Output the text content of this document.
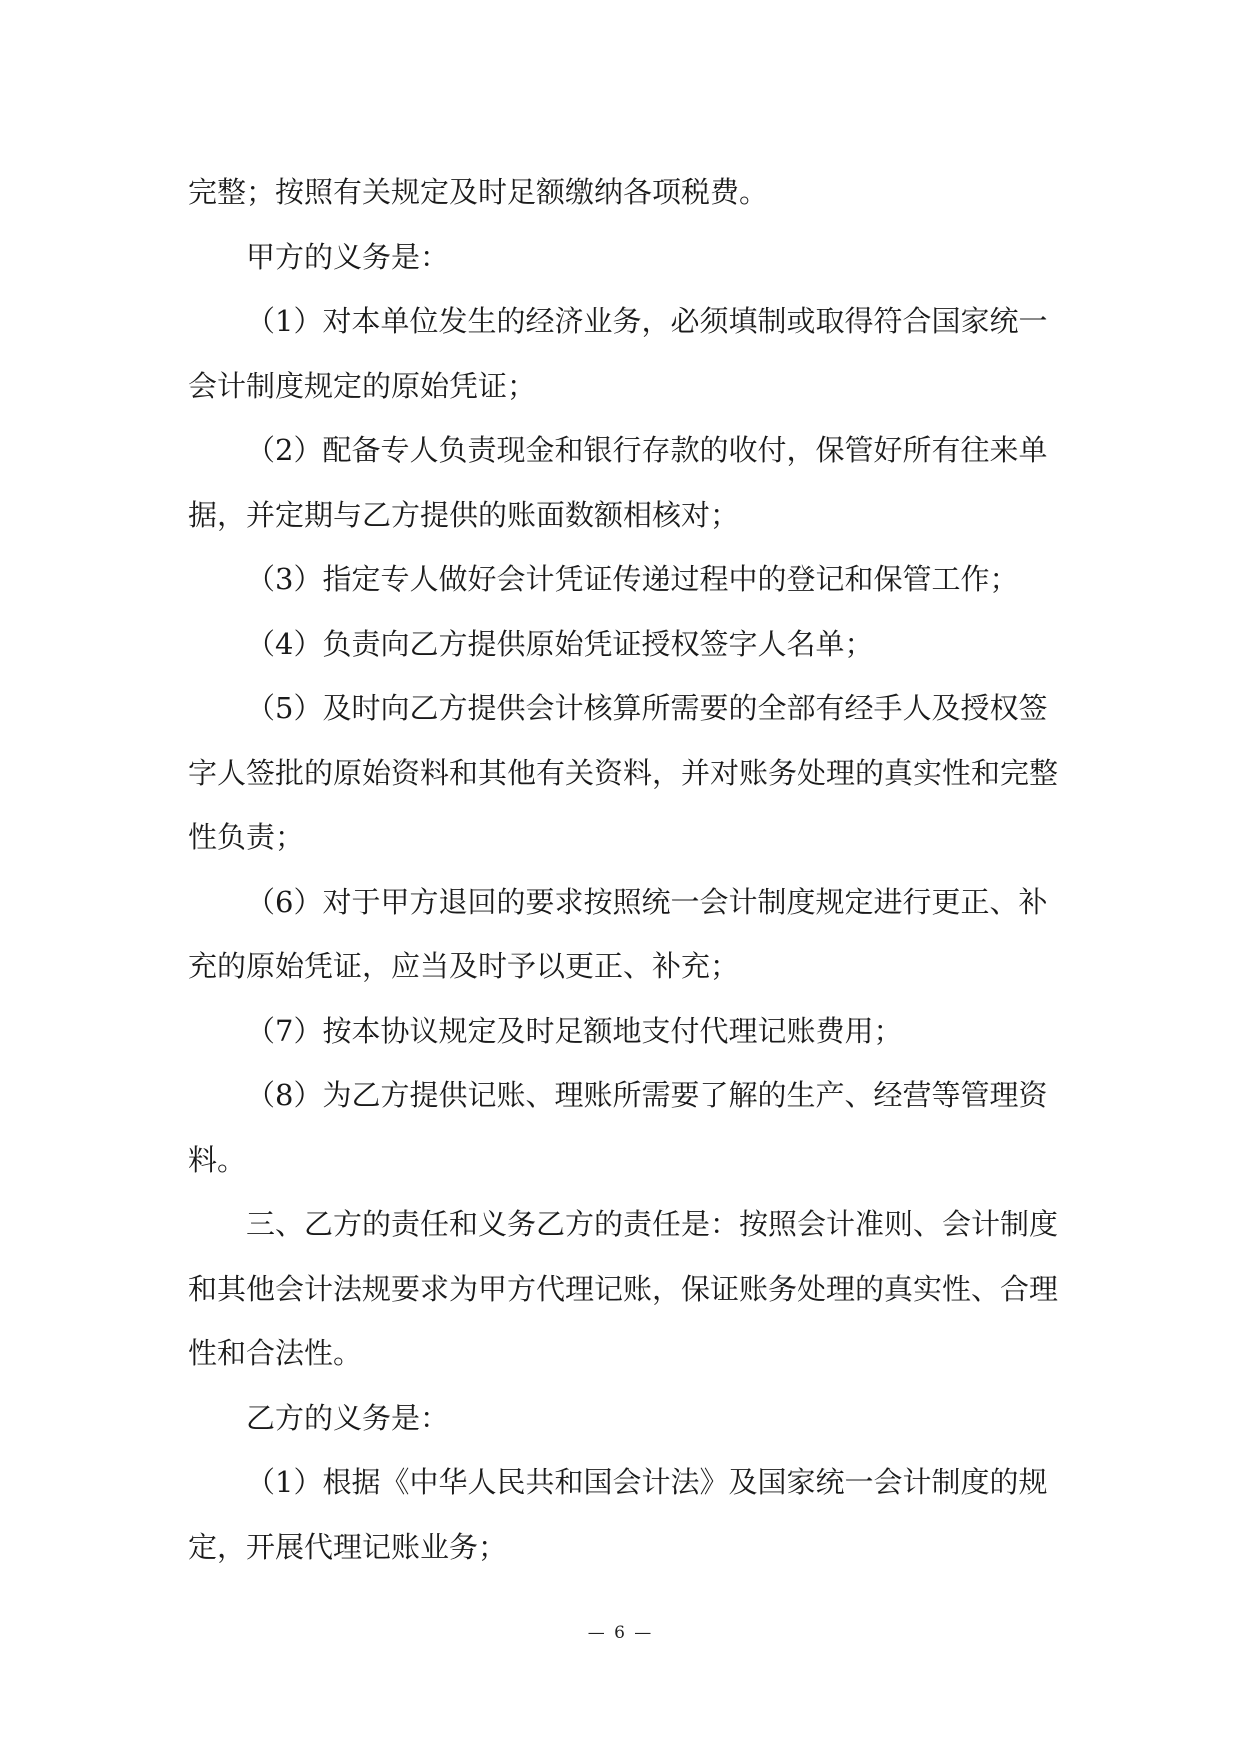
完整；按照有关规定及时足额缴纳各项税费。
甲方的义务是：
（1）对本单位发生的经济业务，必须填制或取得符合国家统一
会计制度规定的原始凭证；
（2）配备专人负责现金和银行存款的收付，保管好所有往来单
据，并定期与乙方提供的账面数额相核对；
（3）指定专人做好会计凭证传递过程中的登记和保管工作；
（4）负责向乙方提供原始凭证授权签字人名单；
（5）及时向乙方提供会计核算所需要的全部有经手人及授权签
字人签批的原始资料和其他有关资料，并对账务处理的真实性和完整
性负责；
（6）对于甲方退回的要求按照统一会计制度规定进行更正、补
充的原始凭证，应当及时予以更正、补充；
（7）按本协议规定及时足额地支付代理记账费用；
（8）为乙方提供记账、理账所需要了解的生产、经营等管理资
料。
三、乙方的责任和义务乙方的责任是：按照会计准则、会计制度
和其他会计法规要求为甲方代理记账，保证账务处理的真实性、合理
性和合法性。
乙方的义务是：
（1）根据《中华人民共和国会计法》及国家统一会计制度的规
定，开展代理记账业务；
— 6 —
